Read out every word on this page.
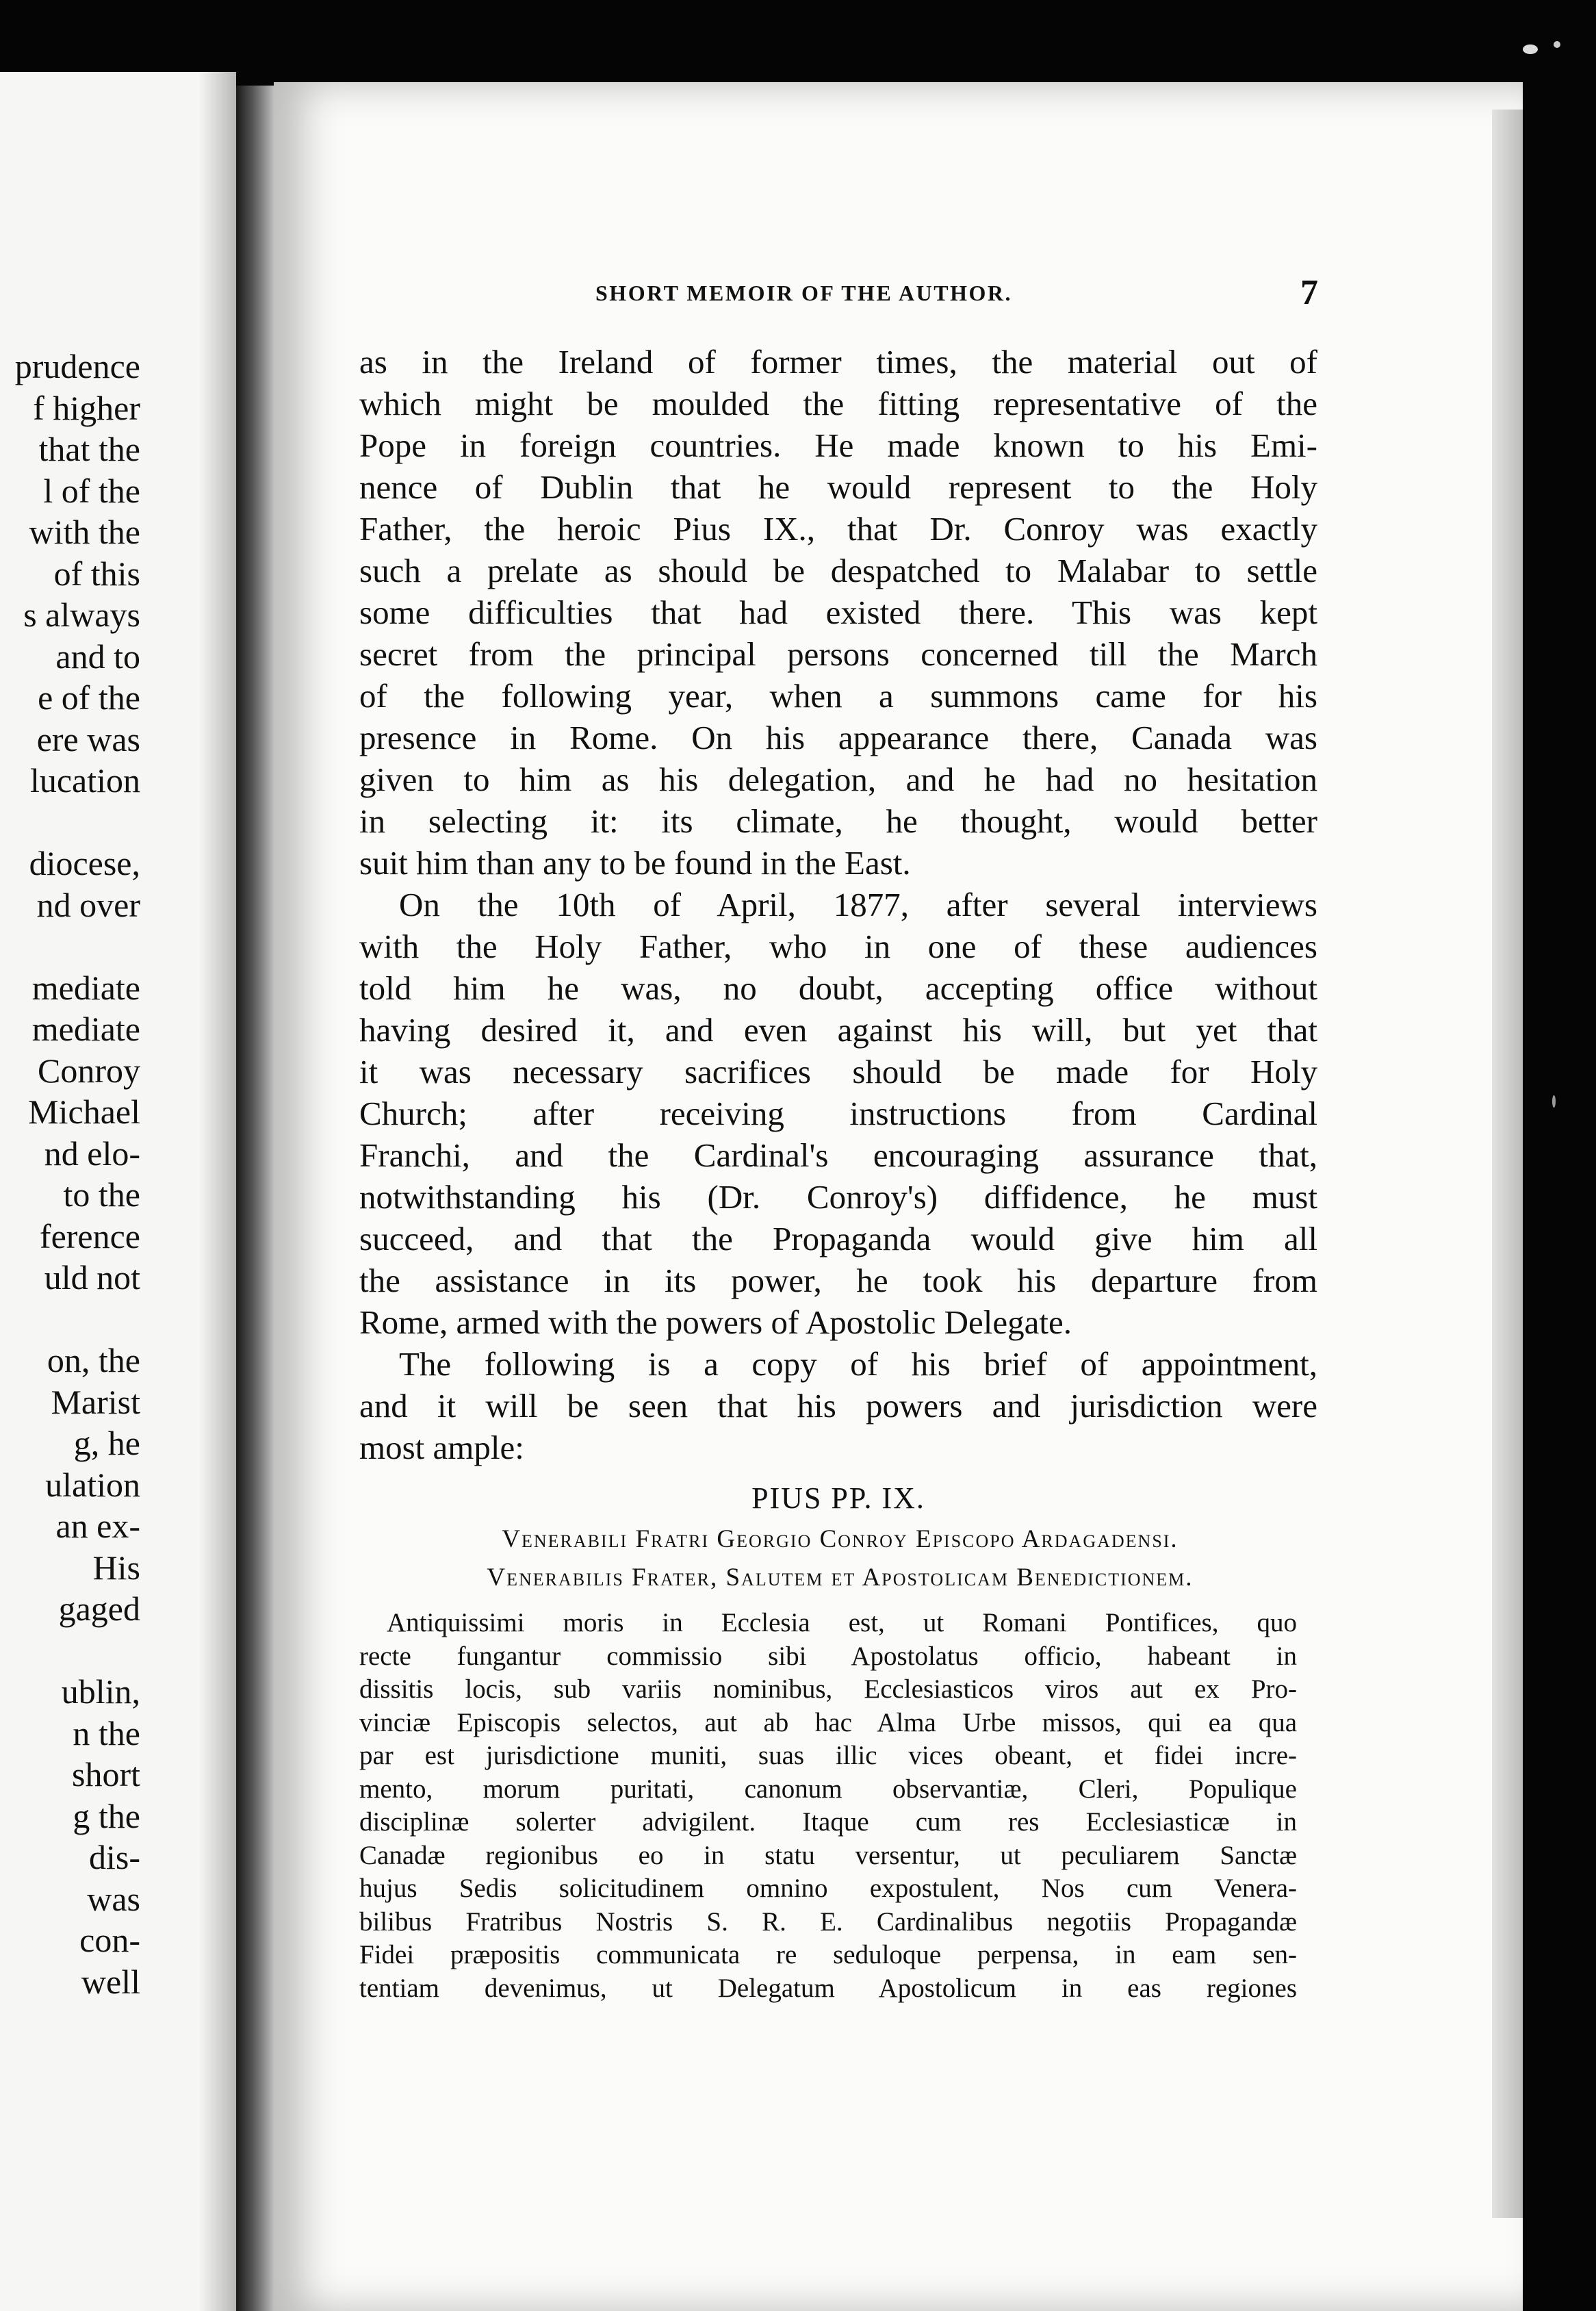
prudence
f higher
that the
l of the
with the
of this
s always
and to
e of the
ere was
lucation
diocese,
nd over
mediate
mediate
Conroy
Michael
nd elo-
to the
ference
uld not
on, the
Marist
g, he
ulation
an ex-
His
gaged
ublin,
n the
short
g the
dis-
was
con-
well
SHORT MEMOIR OF THE AUTHOR.	7
as in the Ireland of former times, the material out of
which might be moulded the fitting representative of the
Pope in foreign countries. He made known to his Emi-
nence of Dublin that he would represent to the Holy
Father, the heroic Pius IX., that Dr. Conroy was exactly
such a prelate as should be despatched to Malabar to settle
some difficulties that had existed there. This was kept
secret from the principal persons concerned till the March
of the following year, when a summons came for his
presence in Rome. On his appearance there, Canada was
given to him as his delegation, and he had no hesitation
in selecting it: its climate, he thought, would better
suit him than any to be found in the East.
On the 10th of April, 1877, after several interviews
with the Holy Father, who in one of these audiences
told him he was, no doubt, accepting office without
having desired it, and even against his will, but yet that
it was necessary sacrifices should be made for Holy
Church; after receiving instructions from Cardinal
Franchi, and the Cardinal's encouraging assurance that,
notwithstanding his (Dr. Conroy's) diffidence, he must
succeed, and that the Propaganda would give him all
the assistance in its power, he took his departure from
Rome, armed with the powers of Apostolic Delegate.
The following is a copy of his brief of appointment,
and it will be seen that his powers and jurisdiction were
most ample:
PIUS PP. IX.
Venerabili Fratri Georgio Conroy Episcopo Ardagadensi.
Venerabilis Frater, Salutem et Apostolicam Benedictionem.
Antiquissimi moris in Ecclesia est, ut Romani Pontifices, quo
recte fungantur commissio sibi Apostolatus officio, habeant in
dissitis locis, sub variis nominibus, Ecclesiasticos viros aut ex Pro-
vinciæ Episcopis selectos, aut ab hac Alma Urbe missos, qui ea qua
par est jurisdictione muniti, suas illic vices obeant, et fidei incre-
mento, morum puritati, canonum observantiæ, Cleri, Populique
disciplinæ solerter advigilent. Itaque cum res Ecclesiasticæ in
Canadæ regionibus eo in statu versentur, ut peculiarem Sanctæ
hujus Sedis solicitudinem omnino expostulent, Nos cum Venera-
bilibus Fratribus Nostris S. R. E. Cardinalibus negotiis Propagandæ
Fidei præpositis communicata re seduloque perpensa, in eam sen-
tentiam devenimus, ut Delegatum Apostolicum in eas regiones
